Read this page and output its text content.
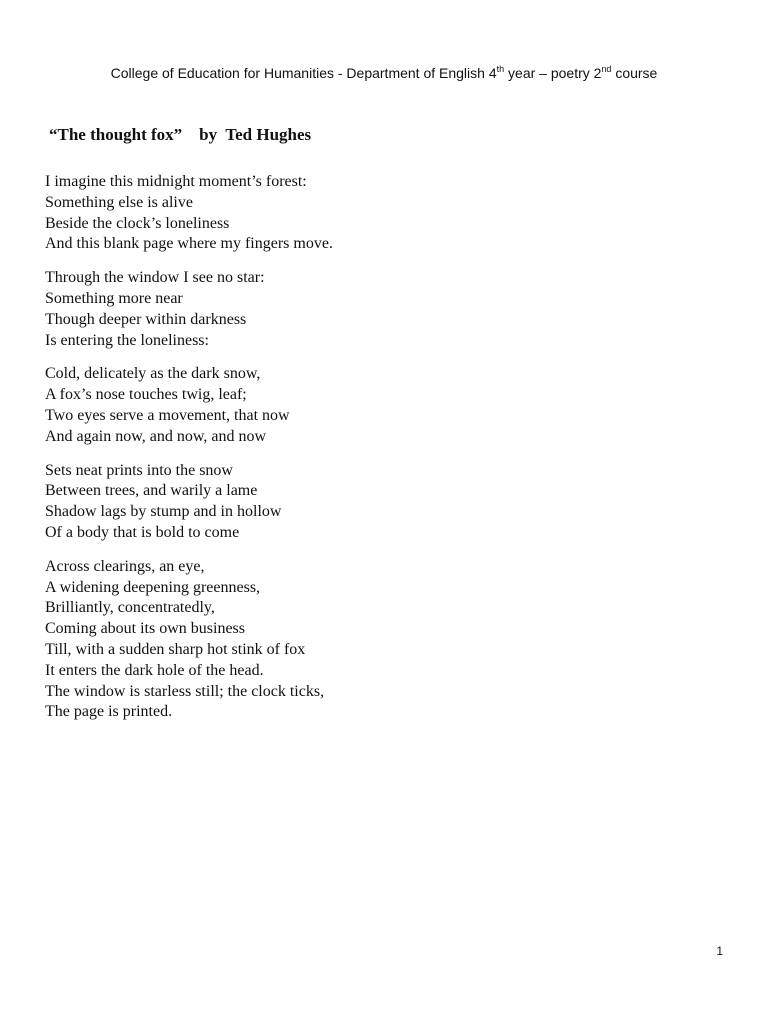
College of Education for Humanities - Department of English 4th year – poetry 2nd course
“The thought fox”    by  Ted Hughes
I imagine this midnight moment’s forest:
Something else is alive
Beside the clock’s loneliness
And this blank page where my fingers move.
Through the window I see no star:
Something more near
Though deeper within darkness
Is entering the loneliness:
Cold, delicately as the dark snow,
A fox’s nose touches twig, leaf;
Two eyes serve a movement, that now
And again now, and now, and now
Sets neat prints into the snow
Between trees, and warily a lame
Shadow lags by stump and in hollow
Of a body that is bold to come
Across clearings, an eye,
A widening deepening greenness,
Brilliantly, concentratedly,
Coming about its own business
Till, with a sudden sharp hot stink of fox
It enters the dark hole of the head.
The window is starless still; the clock ticks,
The page is printed.
1
